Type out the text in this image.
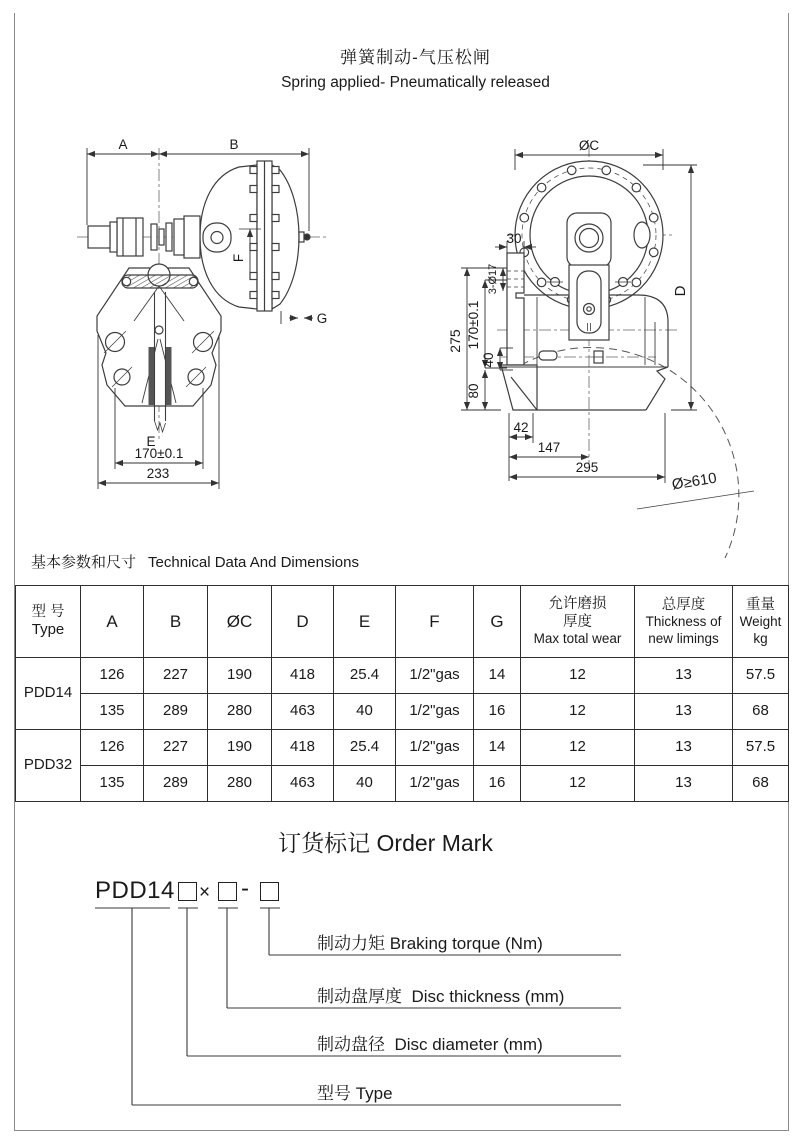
弹簧制动-气压松闸
Spring applied- Pneumatically released
A	B
F
G
E
170±0.1
233
ØC
D
30
3-Ø17
275 170±0.1
40
80
42
147
295
Ø≥610
基本参数和尺寸 Technical Data And Dimensions
型 号
Type	A	B	ØC	D	E	F	G	
允许磨损
厚度
Max total wear

总厚度
Thickness of
new limings

重量
Weight
kg

PDD14	126	227	190	418	25.4	1/2"gas	14	12	13	57.5
	135	289	280	463	40	1/2"gas	16	12	13	68
PDD32	126	227	190	418	25.4	1/2"gas	14	12	13	57.5
	135	289	280	463	40	1/2"gas	16	12	13	68
订货标记 Order Mark
PDD14 × -
制动力矩 Braking torque (Nm)
制动盘厚度  Disc thickness (mm)
制动盘径  Disc diameter (mm)
型号 Type
